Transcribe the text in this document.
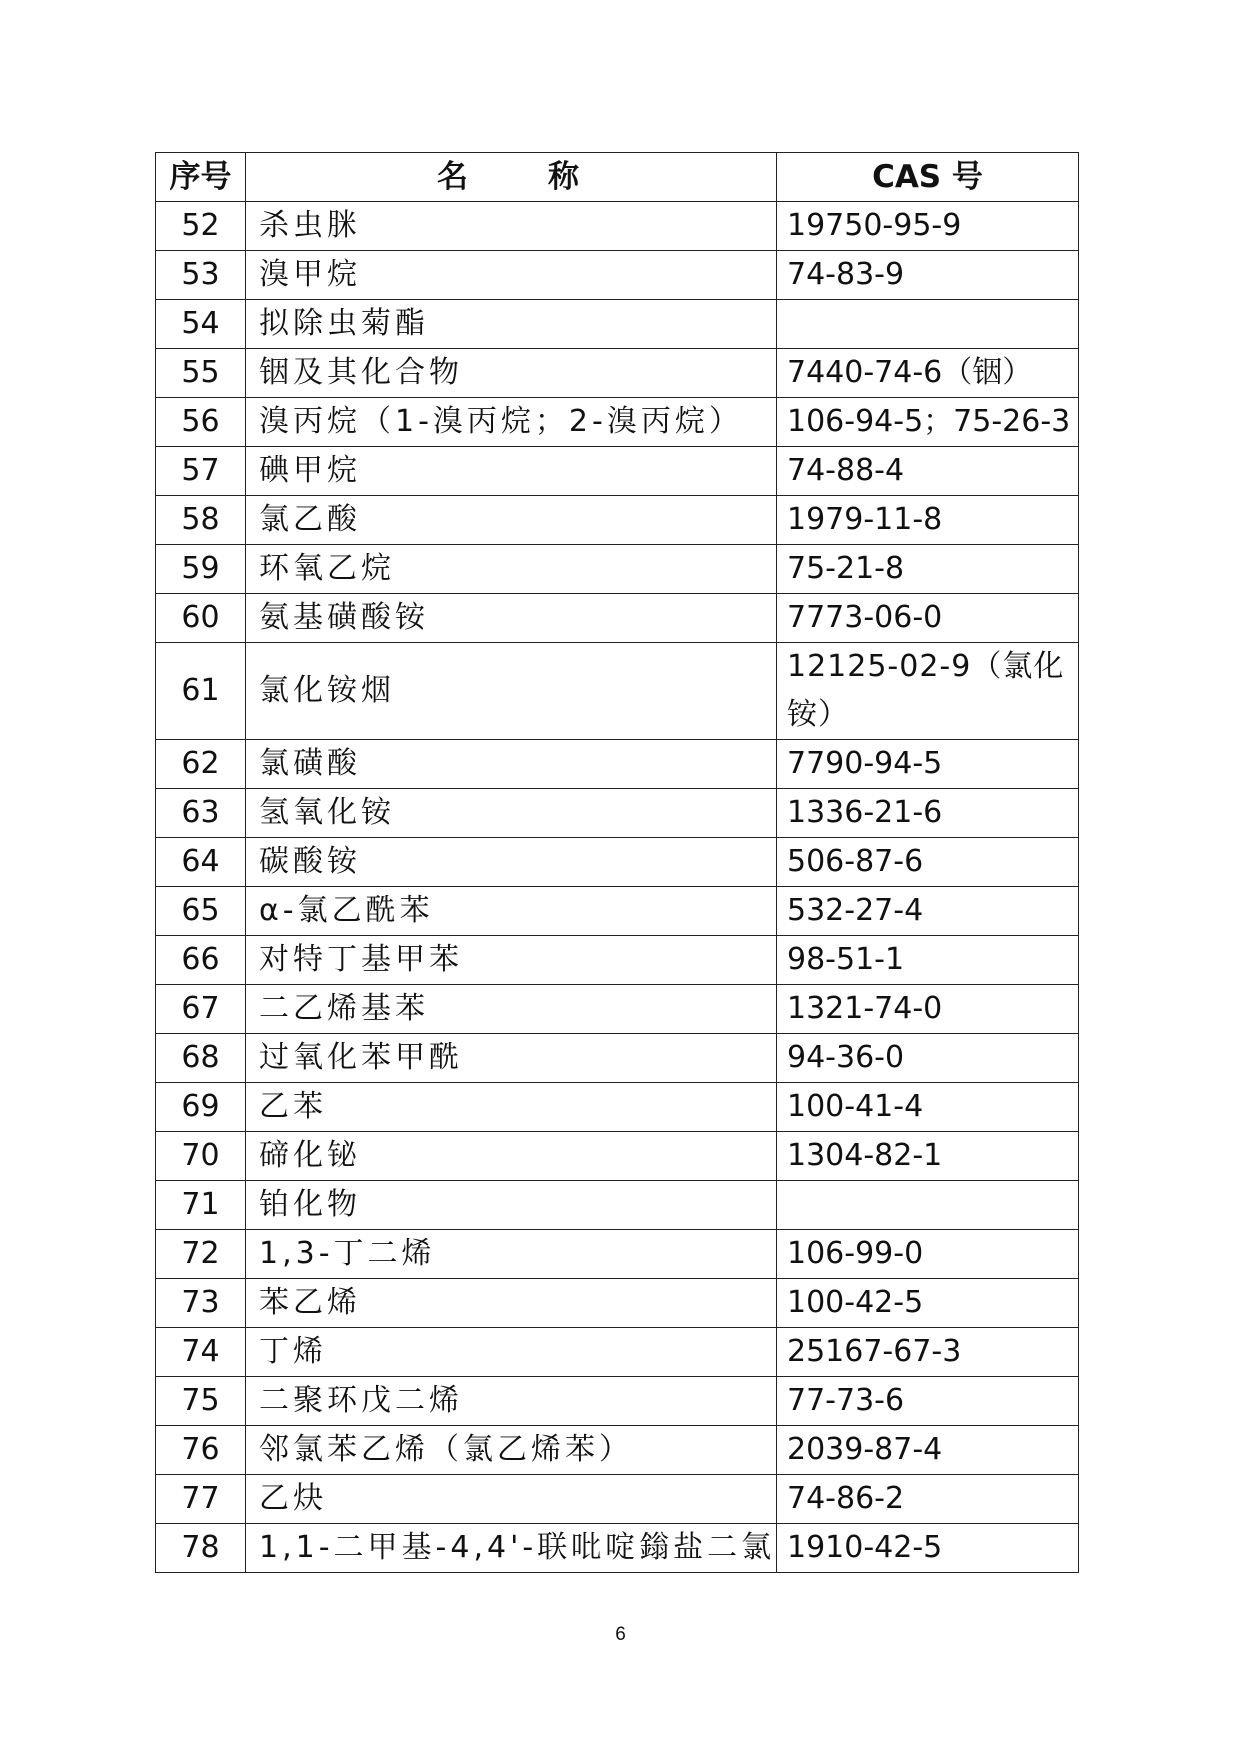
序号	名　　称	CAS 号
52	杀虫脒	19750-95-9
53	溴甲烷	74-83-9
54	拟除虫菊酯	
55	铟及其化合物	7440-74-6（铟）
56	溴丙烷（1-溴丙烷；2-溴丙烷）	106-94-5；75-26-3
57	碘甲烷	74-88-4
58	氯乙酸	1979-11-8
59	环氧乙烷	75-21-8
60	氨基磺酸铵	7773-06-0
61	氯化铵烟	12125-02-9（氯化铵）
62	氯磺酸	7790-94-5
63	氢氧化铵	1336-21-6
64	碳酸铵	506-87-6
65	α-氯乙酰苯	532-27-4
66	对特丁基甲苯	98-51-1
67	二乙烯基苯	1321-74-0
68	过氧化苯甲酰	94-36-0
69	乙苯	100-41-4
70	碲化铋	1304-82-1
71	铂化物	
72	1,3-丁二烯	106-99-0
73	苯乙烯	100-42-5
74	丁烯	25167-67-3
75	二聚环戊二烯	77-73-6
76	邻氯苯乙烯（氯乙烯苯）	2039-87-4
77	乙炔	74-86-2
78	1,1-二甲基-4,4'-联吡啶鎓盐二氯	1910-42-5
6
